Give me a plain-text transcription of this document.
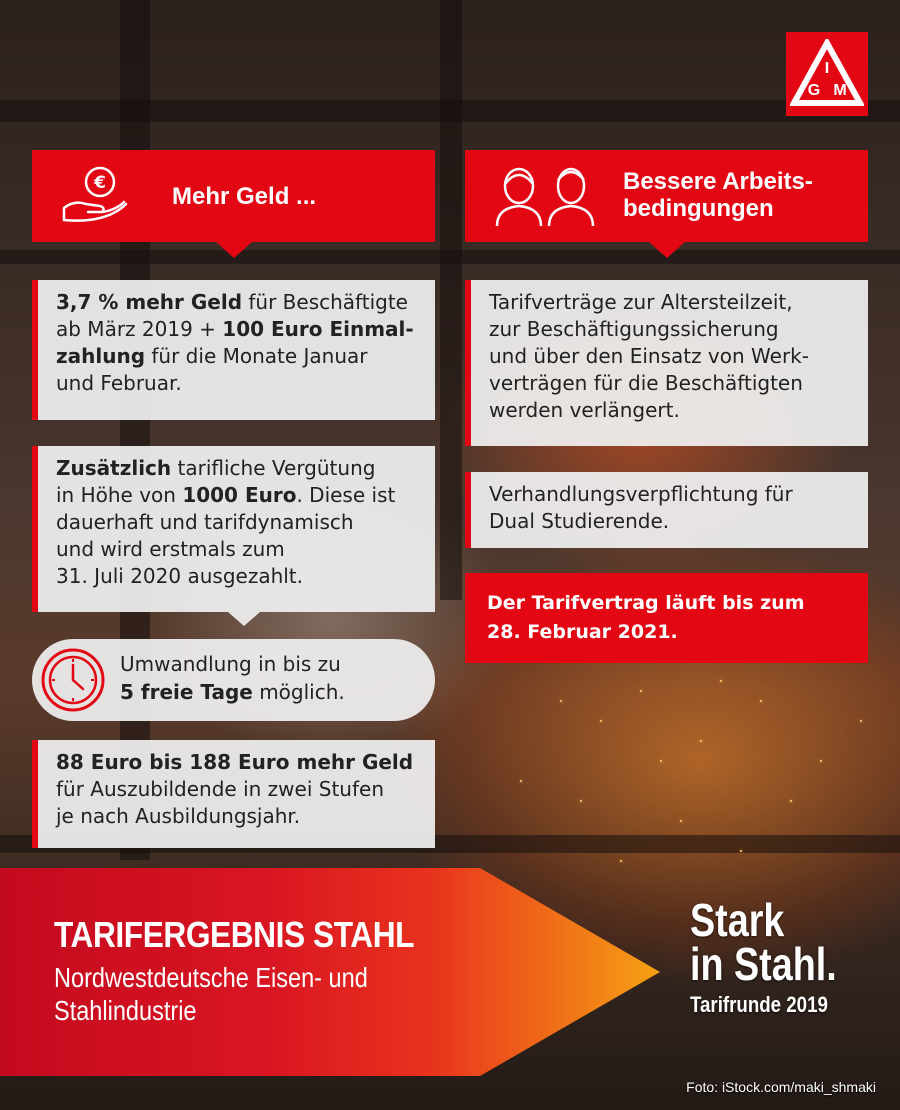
I
G M
€	Mehr Geld ...
Bessere Arbeits-
bedingungen
3,7 % mehr Geld für Beschäftigte
ab März 2019 + 100 Euro Einmal-
zahlung für die Monate Januar
und Februar.
Zusätzlich tarifliche Vergütung
in Höhe von 1000 Euro. Diese ist
dauerhaft und tarifdynamisch
und wird erstmals zum
31. Juli 2020 ausgezahlt.
Umwandlung in bis zu
5 freie Tage möglich.
88 Euro bis 188 Euro mehr Geld
für Auszubildende in zwei Stufen
je nach Ausbildungsjahr.
Tarifverträge zur Altersteilzeit,
zur Beschäftigungssicherung
und über den Einsatz von Werk-
verträgen für die Beschäftigten
werden verlängert.
Verhandlungsverpflichtung für
Dual Studierende.
Der Tarifvertrag läuft bis zum
28. Februar 2021.
TARIFERGEBNIS STAHL
Nordwestdeutsche Eisen- und
Stahlindustrie
Stark
in Stahl.
Tarifrunde 2019
Foto: iStock.com/maki_shmaki
